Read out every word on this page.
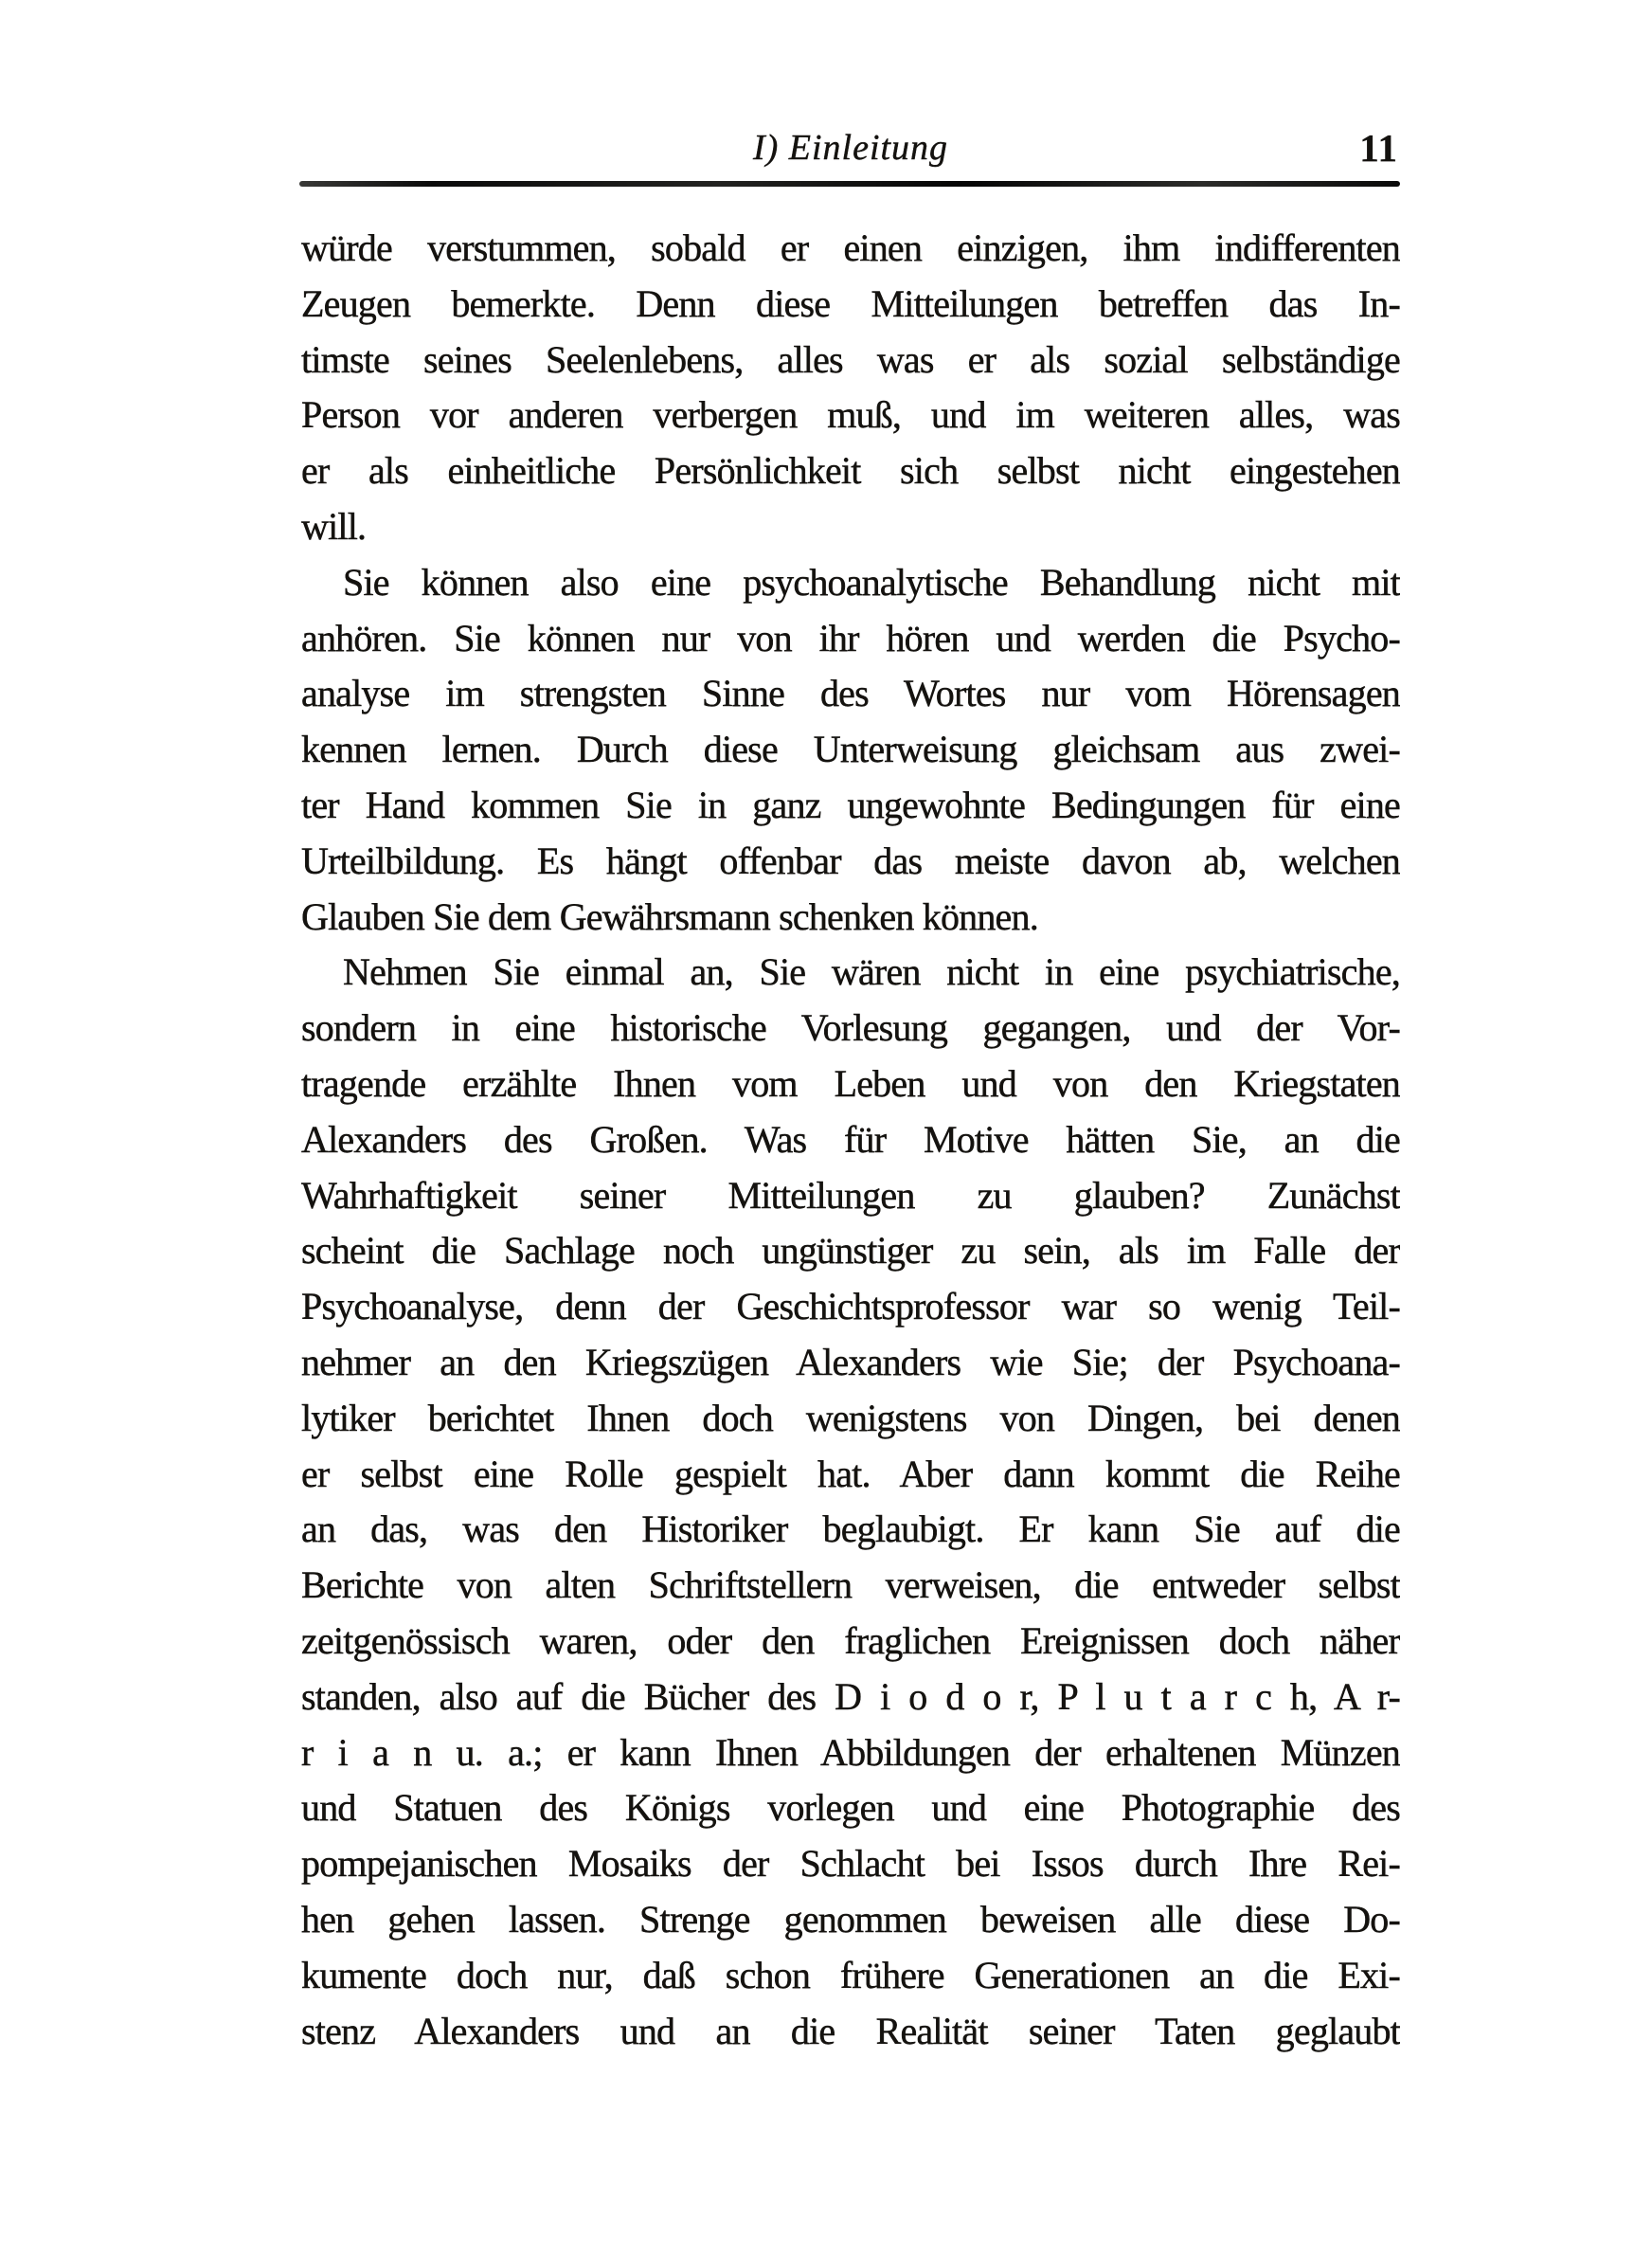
I) Einleitung	11
würde verstummen, sobald er einen einzigen, ihm indifferenten
Zeugen bemerkte. Denn diese Mitteilungen betreffen das In-
timste seines Seelenlebens, alles was er als sozial selbständige
Person vor anderen verbergen muß, und im weiteren alles, was
er als einheitliche Persönlichkeit sich selbst nicht eingestehen
will.
Sie können also eine psychoanalytische Behandlung nicht mit
anhören. Sie können nur von ihr hören und werden die Psycho-
analyse im strengsten Sinne des Wortes nur vom Hörensagen
kennen lernen. Durch diese Unterweisung gleichsam aus zwei-
ter Hand kommen Sie in ganz ungewohnte Bedingungen für eine
Urteilbildung. Es hängt offenbar das meiste davon ab, welchen
Glauben Sie dem Gewährsmann schenken können.
Nehmen Sie einmal an, Sie wären nicht in eine psychiatrische,
sondern in eine historische Vorlesung gegangen, und der Vor-
tragende erzählte Ihnen vom Leben und von den Kriegstaten
Alexanders des Großen. Was für Motive hätten Sie, an die
Wahrhaftigkeit seiner Mitteilungen zu glauben? Zunächst
scheint die Sachlage noch ungünstiger zu sein, als im Falle der
Psychoanalyse, denn der Geschichtsprofessor war so wenig Teil-
nehmer an den Kriegszügen Alexanders wie Sie; der Psychoana-
lytiker berichtet Ihnen doch wenigstens von Dingen, bei denen
er selbst eine Rolle gespielt hat. Aber dann kommt die Reihe
an das, was den Historiker beglaubigt. Er kann Sie auf die
Berichte von alten Schriftstellern verweisen, die entweder selbst
zeitgenössisch waren, oder den fraglichen Ereignissen doch näher
standen, also auf die Bücher des D i o d o r, P l u t a r c h, A r-
r i a n u. a.; er kann Ihnen Abbildungen der erhaltenen Münzen
und Statuen des Königs vorlegen und eine Photographie des
pompejanischen Mosaiks der Schlacht bei Issos durch Ihre Rei-
hen gehen lassen. Strenge genommen beweisen alle diese Do-
kumente doch nur, daß schon frühere Generationen an die Exi-
stenz Alexanders und an die Realität seiner Taten geglaubt
